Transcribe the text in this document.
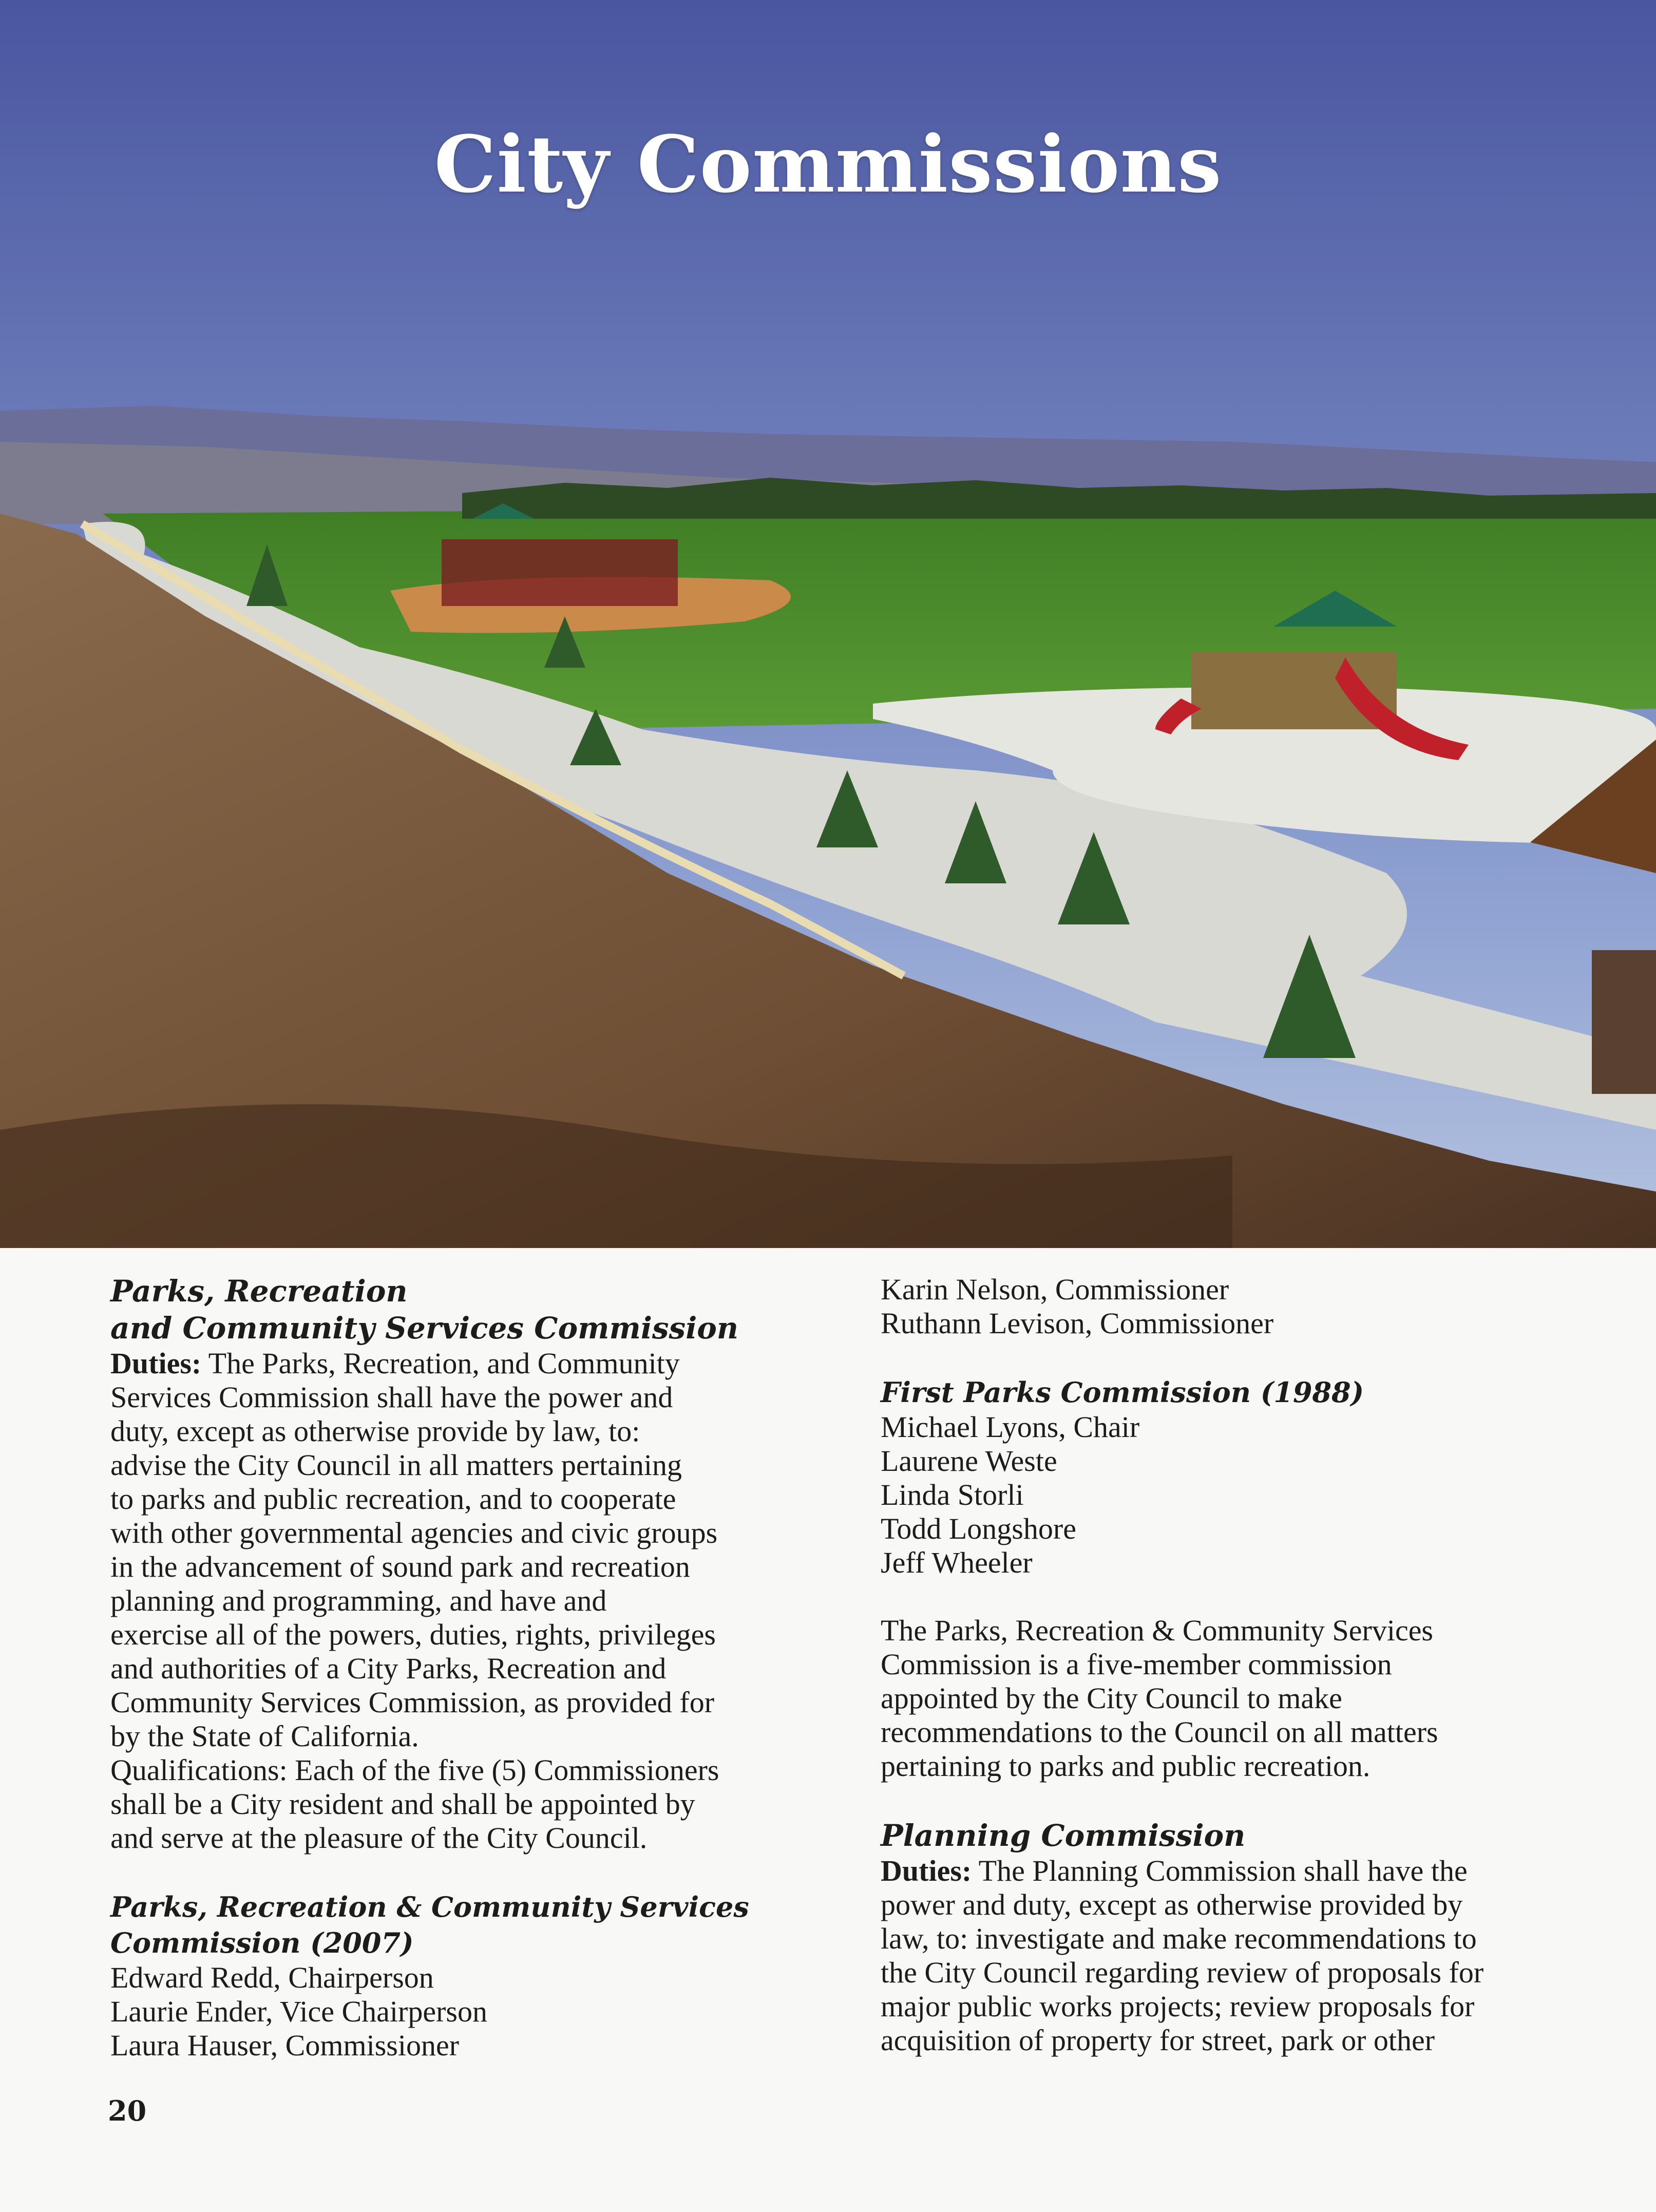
City Commissions

Parks, Recreation

and Community Services Commission

Duties: The Parks, Recreation, and Community

Services Commission shall have the power and

duty, except as otherwise provide by law, to:

advise the City Council in all matters pertaining

to parks and public recreation, and to cooperate

with other governmental agencies and civic groups

in the advancement of sound park and recreation

planning and programming, and have and

exercise all of the powers, duties, rights, privileges

and authorities of a City Parks, Recreation and

Community Services Commission, as provided for

by the State of California.

Qualifications: Each of the five (5) Commissioners

shall be a City resident and shall be appointed by

and serve at the pleasure of the City Council.

Parks, Recreation & Community Services

Commission (2007)

Edward Redd, Chairperson

Laurie Ender, Vice Chairperson

Laura Hauser, Commissioner

Karin Nelson, Commissioner

Ruthann Levison, Commissioner

First Parks Commission (1988)

Michael Lyons, Chair

Laurene Weste

Linda Storli

Todd Longshore

Jeff Wheeler

The Parks, Recreation & Community Services

Commission is a five-member commission

appointed by the City Council to make

recommendations to the Council on all matters

pertaining to parks and public recreation.

Planning Commission

Duties: The Planning Commission shall have the

power and duty, except as otherwise provided by

law, to: investigate and make recommendations to

the City Council regarding review of proposals for

major public works projects; review proposals for

acquisition of property for street, park or other

20
